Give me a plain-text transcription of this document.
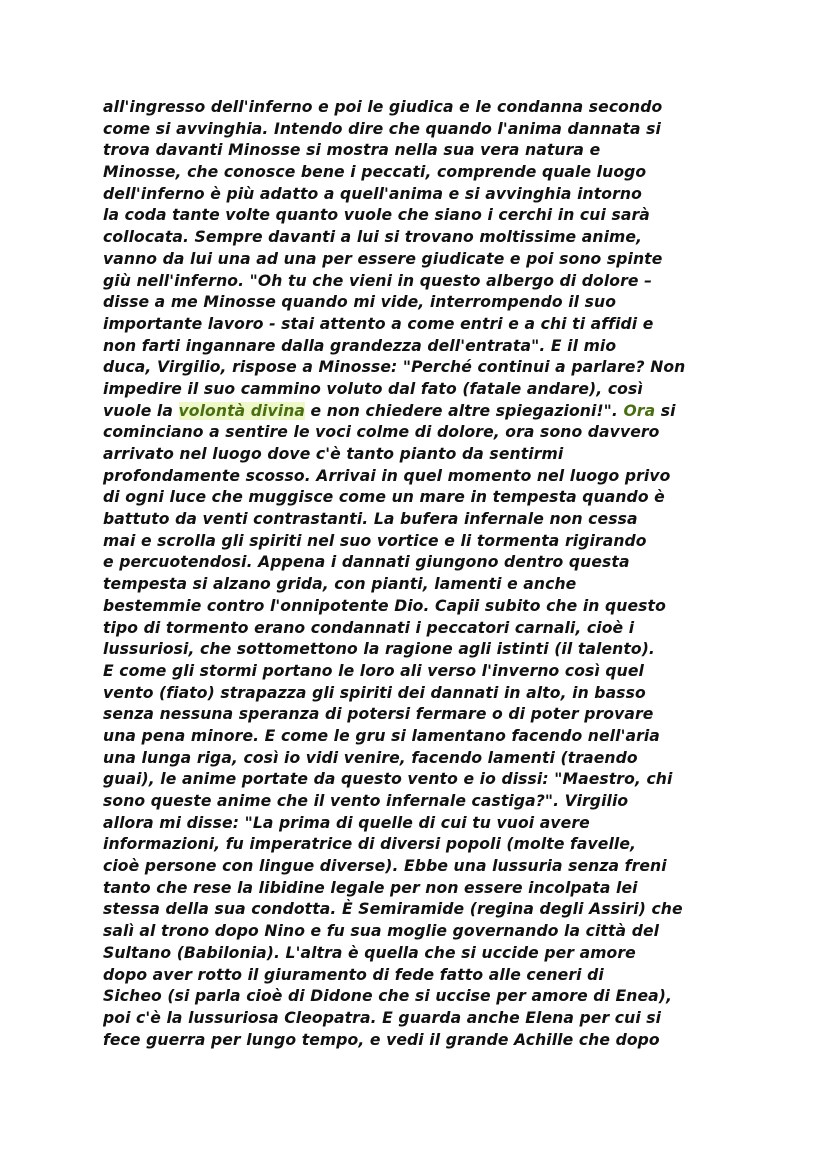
all'ingresso dell'inferno e poi le giudica e le condanna secondo
come si avvinghia. Intendo dire che quando l'anima dannata si
trova davanti Minosse si mostra nella sua vera natura e
Minosse, che conosce bene i peccati, comprende quale luogo
dell'inferno è più adatto a quell'anima e si avvinghia intorno
la coda tante volte quanto vuole che siano i cerchi in cui sarà
collocata. Sempre davanti a lui si trovano moltissime anime,
vanno da lui una ad una per essere giudicate e poi sono spinte
giù nell'inferno. "Oh tu che vieni in questo albergo di dolore –
disse a me Minosse quando mi vide, interrompendo il suo
importante lavoro - stai attento a come entri e a chi ti affidi e
non farti ingannare dalla grandezza dell'entrata". E il mio
duca, Virgilio, rispose a Minosse: "Perché continui a parlare? Non
impedire il suo cammino voluto dal fato (fatale andare), così
vuole la volontà divina e non chiedere altre spiegazioni!". Ora si
cominciano a sentire le voci colme di dolore, ora sono davvero
arrivato nel luogo dove c'è tanto pianto da sentirmi
profondamente scosso. Arrivai in quel momento nel luogo privo
di ogni luce che muggisce come un mare in tempesta quando è
battuto da venti contrastanti. La bufera infernale non cessa
mai e scrolla gli spiriti nel suo vortice e li tormenta rigirando
e percuotendosi. Appena i dannati giungono dentro questa
tempesta si alzano grida, con pianti, lamenti e anche
bestemmie contro l'onnipotente Dio. Capii subito che in questo
tipo di tormento erano condannati i peccatori carnali, cioè i
lussuriosi, che sottomettono la ragione agli istinti (il talento).
E come gli stormi portano le loro ali verso l'inverno così quel
vento (fiato) strapazza gli spiriti dei dannati in alto, in basso
senza nessuna speranza di potersi fermare o di poter provare
una pena minore. E come le gru si lamentano facendo nell'aria
una lunga riga, così io vidi venire, facendo lamenti (traendo
guai), le anime portate da questo vento e io dissi: "Maestro, chi
sono queste anime che il vento infernale castiga?". Virgilio
allora mi disse: "La prima di quelle di cui tu vuoi avere
informazioni, fu imperatrice di diversi popoli (molte favelle,
cioè persone con lingue diverse). Ebbe una lussuria senza freni
tanto che rese la libidine legale per non essere incolpata lei
stessa della sua condotta. È Semiramide (regina degli Assiri) che
salì al trono dopo Nino e fu sua moglie governando la città del
Sultano (Babilonia). L'altra è quella che si uccide per amore
dopo aver rotto il giuramento di fede fatto alle ceneri di
Sicheo (si parla cioè di Didone che si uccise per amore di Enea),
poi c'è la lussuriosa Cleopatra. E guarda anche Elena per cui si
fece guerra per lungo tempo, e vedi il grande Achille che dopo
